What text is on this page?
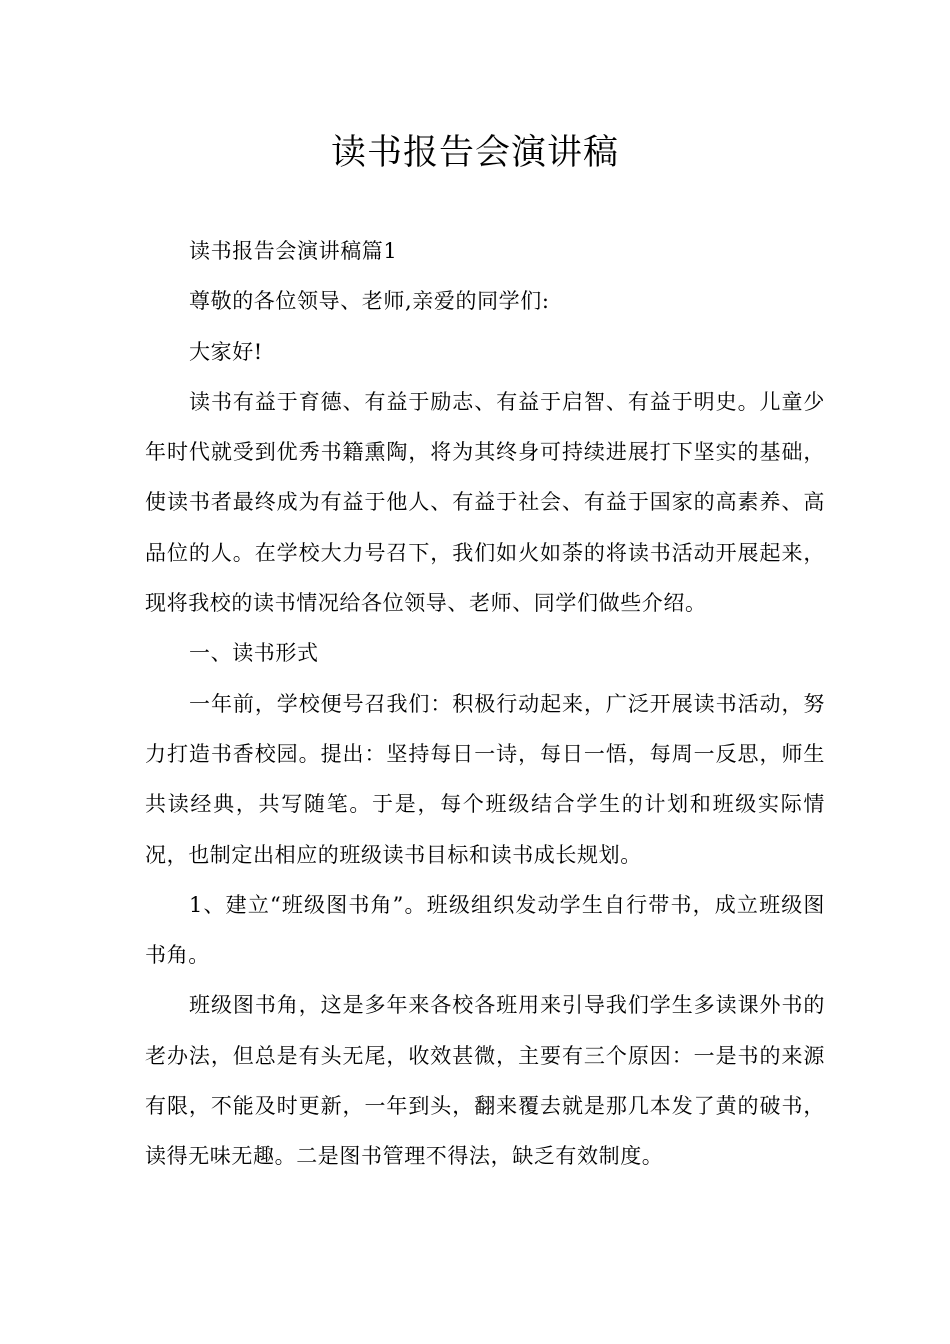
读书报告会演讲稿

读书报告会演讲稿篇1

尊敬的各位领导、老师,亲爱的同学们:

大家好!

读书有益于育德、有益于励志、有益于启智、有益于明史。儿童少年时代就受到优秀书籍熏陶，将为其终身可持续进展打下坚实的基础，使读书者最终成为有益于他人、有益于社会、有益于国家的高素养、高品位的人。在学校大力号召下，我们如火如荼的将读书活动开展起来，现将我校的读书情况给各位领导、老师、同学们做些介绍。

一、读书形式

一年前，学校便号召我们：积极行动起来，广泛开展读书活动，努力打造书香校园。提出：坚持每日一诗，每日一悟，每周一反思，师生共读经典，共写随笔。于是，每个班级结合学生的计划和班级实际情况，也制定出相应的班级读书目标和读书成长规划。

1、建立“班级图书角”。班级组织发动学生自行带书，成立班级图书角。

班级图书角，这是多年来各校各班用来引导我们学生多读课外书的老办法，但总是有头无尾，收效甚微，主要有三个原因：一是书的来源有限，不能及时更新，一年到头，翻来覆去就是那几本发了黄的破书，读得无味无趣。二是图书管理不得法，缺乏有效制度。
